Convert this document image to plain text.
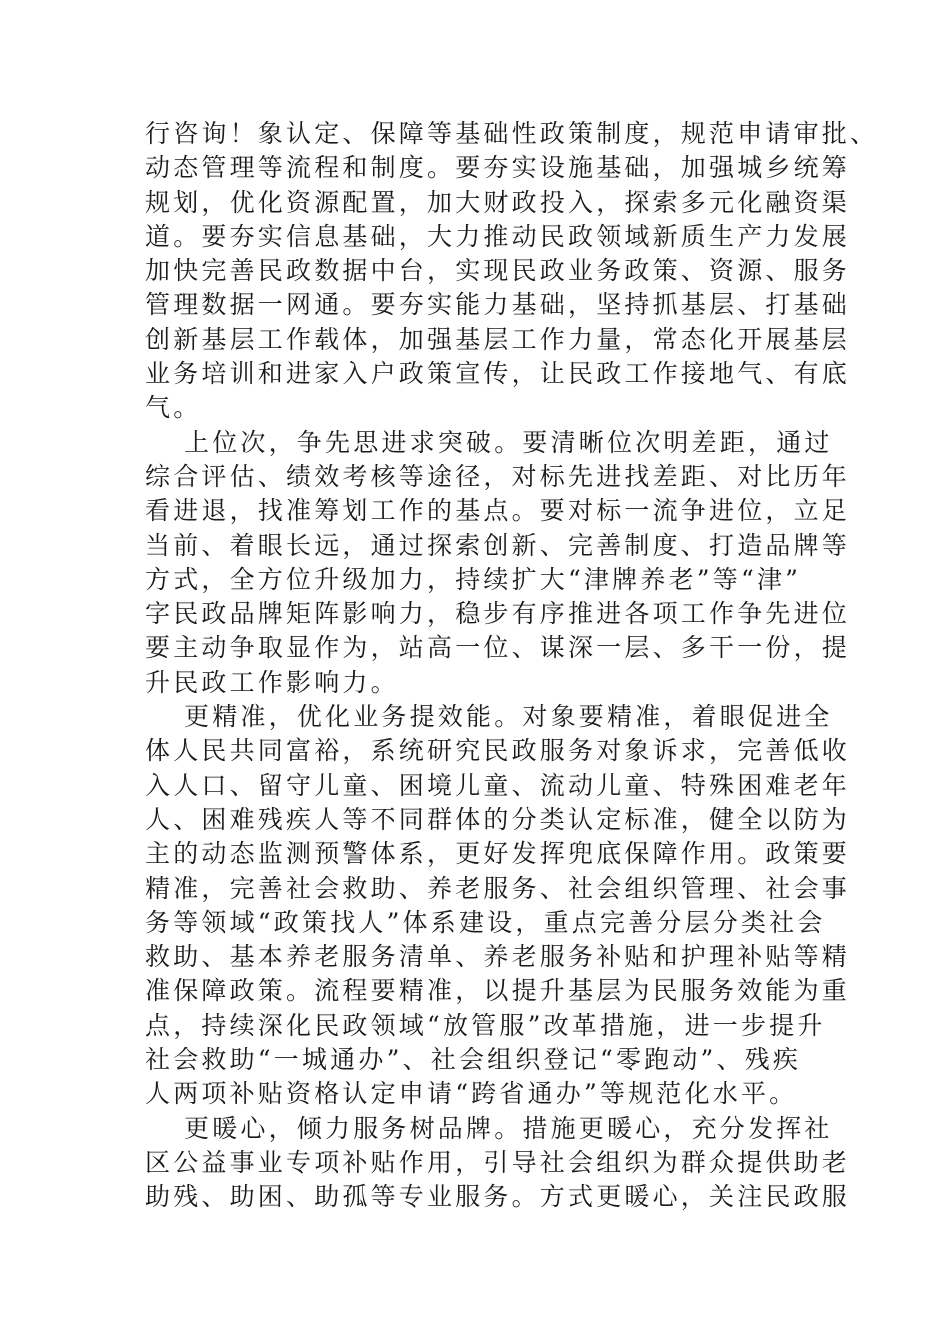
行咨询！象认定、保障等基础性政策制度，规范申请审批、
动态管理等流程和制度。要夯实设施基础，加强城乡统筹
规划，优化资源配置，加大财政投入，探索多元化融资渠
道。要夯实信息基础，大力推动民政领域新质生产力发展
加快完善民政数据中台，实现民政业务政策、资源、服务
管理数据一网通。要夯实能力基础，坚持抓基层、打基础
创新基层工作载体，加强基层工作力量，常态化开展基层
业务培训和进家入户政策宣传，让民政工作接地气、有底
气。
上位次，争先思进求突破。要清晰位次明差距，通过
综合评估、绩效考核等途径，对标先进找差距、对比历年
看进退，找准筹划工作的基点。要对标一流争进位，立足
当前、着眼长远，通过探索创新、完善制度、打造品牌等
方式，全方位升级加力，持续扩大“津牌养老”等“津”
字民政品牌矩阵影响力，稳步有序推进各项工作争先进位
要主动争取显作为，站高一位、谋深一层、多干一份，提
升民政工作影响力。
更精准，优化业务提效能。对象要精准，着眼促进全
体人民共同富裕，系统研究民政服务对象诉求，完善低收
入人口、留守儿童、困境儿童、流动儿童、特殊困难老年
人、困难残疾人等不同群体的分类认定标准，健全以防为
主的动态监测预警体系，更好发挥兜底保障作用。政策要
精准，完善社会救助、养老服务、社会组织管理、社会事
务等领域“政策找人”体系建设，重点完善分层分类社会
救助、基本养老服务清单、养老服务补贴和护理补贴等精
准保障政策。流程要精准，以提升基层为民服务效能为重
点，持续深化民政领域“放管服”改革措施，进一步提升
社会救助“一城通办”、社会组织登记“零跑动”、残疾
人两项补贴资格认定申请“跨省通办”等规范化水平。
更暖心，倾力服务树品牌。措施更暖心，充分发挥社
区公益事业专项补贴作用，引导社会组织为群众提供助老
助残、助困、助孤等专业服务。方式更暖心，关注民政服
